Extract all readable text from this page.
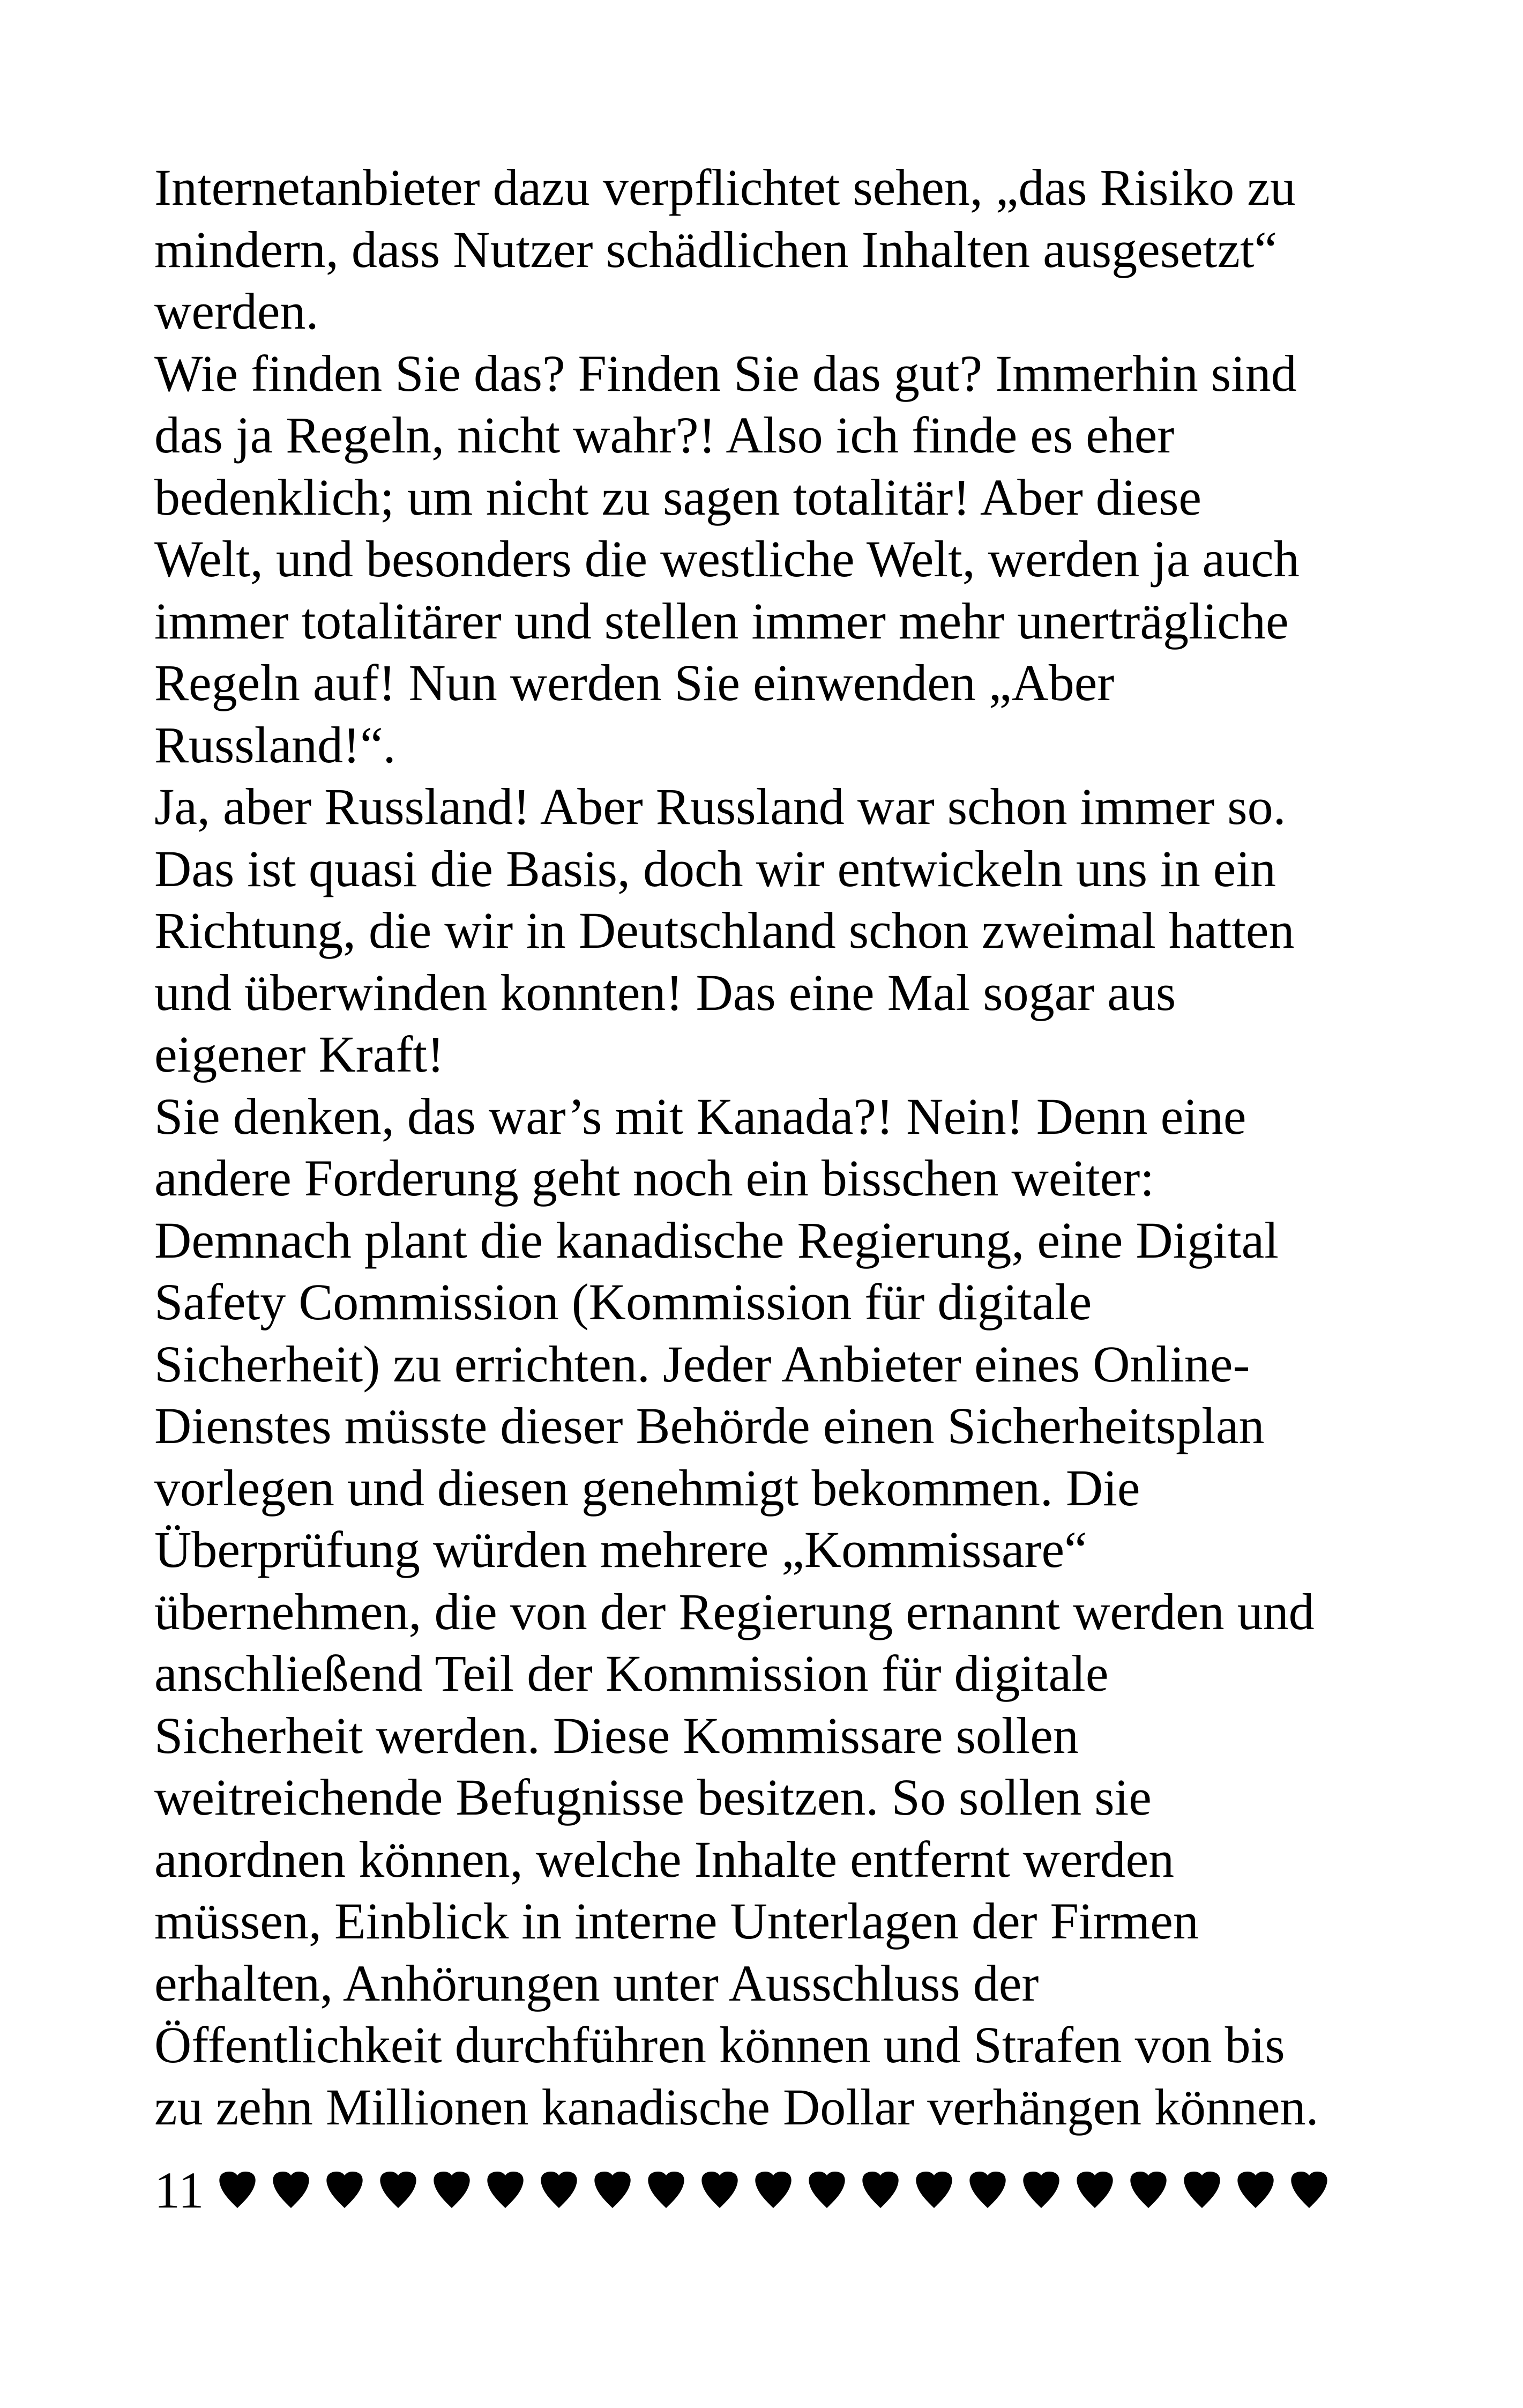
Internetanbieter dazu verpflichtet sehen, „das Risiko zu
mindern, dass Nutzer schädlichen Inhalten ausgesetzt“
werden.
Wie finden Sie das? Finden Sie das gut? Immerhin sind
das ja Regeln, nicht wahr?! Also ich finde es eher
bedenklich; um nicht zu sagen totalitär! Aber diese
Welt, und besonders die westliche Welt, werden ja auch
immer totalitärer und stellen immer mehr unerträgliche
Regeln auf! Nun werden Sie einwenden „Aber
Russland!“.
Ja, aber Russland! Aber Russland war schon immer so.
Das ist quasi die Basis, doch wir entwickeln uns in ein
Richtung, die wir in Deutschland schon zweimal hatten
und überwinden konnten! Das eine Mal sogar aus
eigener Kraft!
Sie denken, das war’s mit Kanada?! Nein! Denn eine
andere Forderung geht noch ein bisschen weiter:
Demnach plant die kanadische Regierung, eine Digital
Safety Commission (Kommission für digitale
Sicherheit) zu errichten. Jeder Anbieter eines Online-
Dienstes müsste dieser Behörde einen Sicherheitsplan
vorlegen und diesen genehmigt bekommen. Die
Überprüfung würden mehrere „Kommissare“
übernehmen, die von der Regierung ernannt werden und
anschließend Teil der Kommission für digitale
Sicherheit werden. Diese Kommissare sollen
weitreichende Befugnisse besitzen. So sollen sie
anordnen können, welche Inhalte entfernt werden
müssen, Einblick in interne Unterlagen der Firmen
erhalten, Anhörungen unter Ausschluss der
Öffentlichkeit durchführen können und Strafen von bis
zu zehn Millionen kanadische Dollar verhängen können.
11
